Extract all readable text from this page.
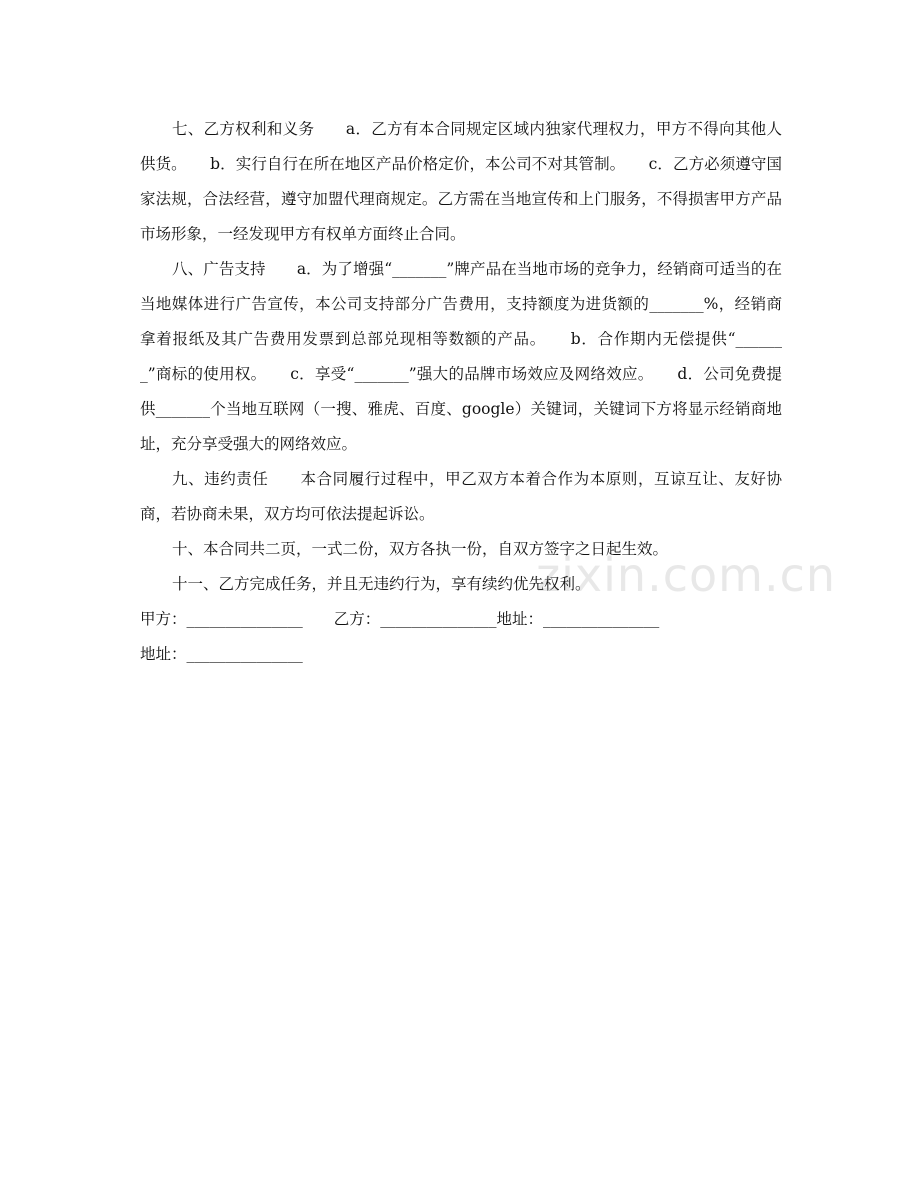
七、乙方权利和义务　　a．乙方有本合同规定区域内独家代理权力，甲方不得向其他人供货。　　b．实行自行在所在地区产品价格定价，本公司不对其管制。　　c．乙方必须遵守国家法规，合法经营，遵守加盟代理商规定。乙方需在当地宣传和上门服务，不得损害甲方产品市场形象，一经发现甲方有权单方面终止合同。

八、广告支持　　a．为了增强“_______”牌产品在当地市场的竞争力，经销商可适当的在当地媒体进行广告宣传，本公司支持部分广告费用，支持额度为进货额的_______%，经销商拿着报纸及其广告费用发票到总部兑现相等数额的产品。　　b．合作期内无偿提供“_______”商标的使用权。　　c．享受“_______”强大的品牌市场效应及网络效应。　　d．公司免费提供_______个当地互联网（一搜、雅虎、百度、google）关键词，关键词下方将显示经销商地址，充分享受强大的网络效应。

九、违约责任　　本合同履行过程中，甲乙双方本着合作为本原则，互谅互让、友好协商，若协商未果，双方均可依法提起诉讼。

十、本合同共二页，一式二份，双方各执一份，自双方签字之日起生效。

十一、乙方完成任务，并且无违约行为，享有续约优先权利。

甲方：_______________　　乙方：_______________地址：_______________

地址：_______________

zixin.com.cn
